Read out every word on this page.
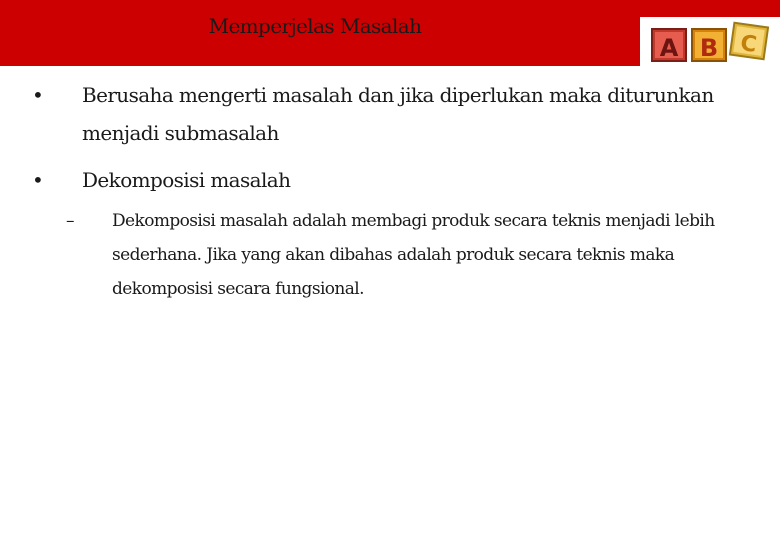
Memperjelas Masalah
A B C
• Berusaha mengerti masalah dan jika diperlukan maka diturunkan
menjadi submasalah
• Dekomposisi masalah
– Dekomposisi masalah adalah membagi produk secara teknis menjadi lebih
sederhana. Jika yang akan dibahas adalah produk secara teknis maka
dekomposisi secara fungsional.
